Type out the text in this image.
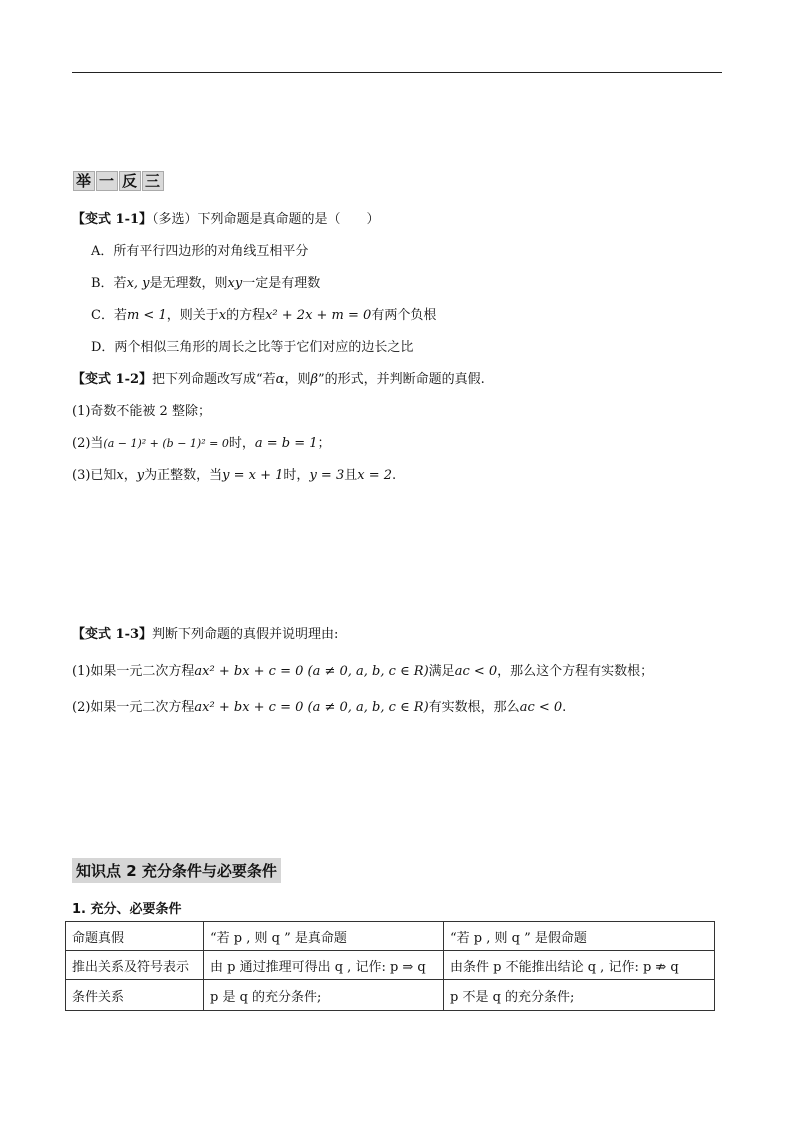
举 一 反 三
【变式 1-1】（多选）下列命题是真命题的是（　　）
A．所有平行四边形的对角线互相平分
B．若x, y是无理数，则xy一定是有理数
C．若m < 1，则关于x的方程x² + 2x + m = 0有两个负根
D．两个相似三角形的周长之比等于它们对应的边长之比
【变式 1-2】把下列命题改写成“若α，则β”的形式，并判断命题的真假.
(1)奇数不能被 2 整除；
(2)当(a − 1)² + (b − 1)² = 0时，a = b = 1；
(3)已知x，y为正整数，当y = x + 1时，y = 3且x = 2.
【变式 1-3】判断下列命题的真假并说明理由:
(1)如果一元二次方程ax² + bx + c = 0 (a ≠ 0, a, b, c ∈ R)满足ac < 0，那么这个方程有实数根；
(2)如果一元二次方程ax² + bx + c = 0 (a ≠ 0, a, b, c ∈ R)有实数根，那么ac < 0.
知识点 2 充分条件与必要条件
1. 充分、必要条件
命题真假	“若 p , 则 q ” 是真命题	“若 p , 则 q ” 是假命题
推出关系及符号表示	由 p 通过推理可得出 q , 记作: p ⇒ q	由条件 p 不能推出结论 q , 记作: p ⇏ q
条件关系	p 是 q 的充分条件;	p 不是 q 的充分条件;
